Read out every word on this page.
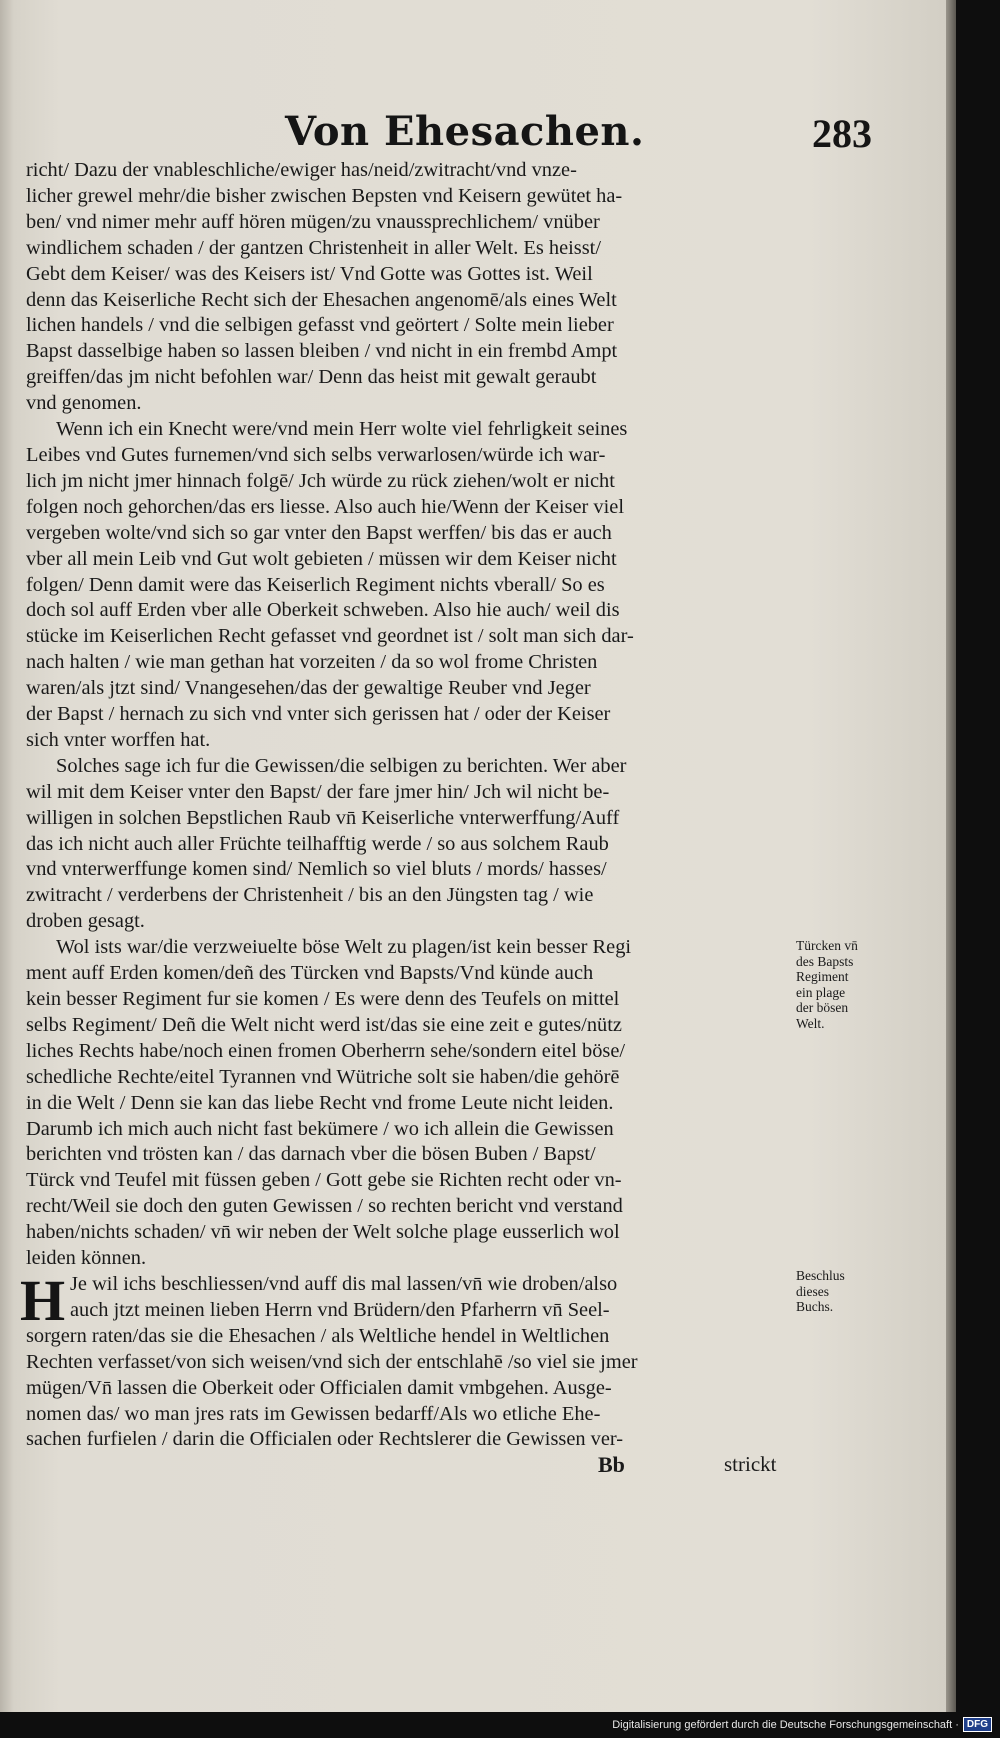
Von Ehesachen.	283
richt/ Dazu der vnableschliche/ewiger has/neid/zwitracht/vnd vnze-
licher grewel mehr/die bisher zwischen Bepsten vnd Keisern gewütet ha-
ben/ vnd nimer mehr auff hören mügen/zu vnaussprechlichem/ vnüber
windlichem schaden / der gantzen Christenheit in aller Welt. Es heisst/
Gebt dem Keiser/ was des Keisers ist/ Vnd Gotte was Gottes ist. Weil
denn das Keiserliche Recht sich der Ehesachen angenomē/als eines Welt
lichen handels / vnd die selbigen gefasst vnd geörtert / Solte mein lieber
Bapst dasselbige haben so lassen bleiben / vnd nicht in ein frembd Ampt
greiffen/das jm nicht befohlen war/ Denn das heist mit gewalt geraubt
vnd genomen.
Wenn ich ein Knecht were/vnd mein Herr wolte viel fehrligkeit seines
Leibes vnd Gutes furnemen/vnd sich selbs verwarlosen/würde ich war-
lich jm nicht jmer hinnach folgē/ Jch würde zu rück ziehen/wolt er nicht
folgen noch gehorchen/das ers liesse. Also auch hie/Wenn der Keiser viel
vergeben wolte/vnd sich so gar vnter den Bapst werffen/ bis das er auch
vber all mein Leib vnd Gut wolt gebieten / müssen wir dem Keiser nicht
folgen/ Denn damit were das Keiserlich Regiment nichts vberall/ So es
doch sol auff Erden vber alle Oberkeit schweben. Also hie auch/ weil dis
stücke im Keiserlichen Recht gefasset vnd geordnet ist / solt man sich dar-
nach halten / wie man gethan hat vorzeiten / da so wol frome Christen
waren/als jtzt sind/ Vnangesehen/das der gewaltige Reuber vnd Jeger
der Bapst / hernach zu sich vnd vnter sich gerissen hat / oder der Keiser
sich vnter worffen hat.
Solches sage ich fur die Gewissen/die selbigen zu berichten. Wer aber
wil mit dem Keiser vnter den Bapst/ der fare jmer hin/ Jch wil nicht be-
willigen in solchen Bepstlichen Raub vn̄ Keiserliche vnterwerffung/Auff
das ich nicht auch aller Früchte teilhafftig werde / so aus solchem Raub
vnd vnterwerffunge komen sind/ Nemlich so viel bluts / mords/ hasses/
zwitracht / verderbens der Christenheit / bis an den Jüngsten tag / wie
droben gesagt.
Wol ists war/die verzweiuelte böse Welt zu plagen/ist kein besser Regi
ment auff Erden komen/deñ des Türcken vnd Bapsts/Vnd künde auch
kein besser Regiment fur sie komen / Es were denn des Teufels on mittel
selbs Regiment/ Deñ die Welt nicht werd ist/das sie eine zeit e gutes/nütz
liches Rechts habe/noch einen fromen Oberherrn sehe/sondern eitel böse/
schedliche Rechte/eitel Tyrannen vnd Wütriche solt sie haben/die gehörē
in die Welt / Denn sie kan das liebe Recht vnd frome Leute nicht leiden.
Darumb ich mich auch nicht fast bekümere / wo ich allein die Gewissen
berichten vnd trösten kan / das darnach vber die bösen Buben / Bapst/
Türck vnd Teufel mit füssen geben / Gott gebe sie Richten recht oder vn-
recht/Weil sie doch den guten Gewissen / so rechten bericht vnd verstand
haben/nichts schaden/ vn̄ wir neben der Welt solche plage eusserlich wol
leiden können.
H Je wil ichs beschliessen/vnd auff dis mal lassen/vn̄ wie droben/also
auch jtzt meinen lieben Herrn vnd Brüdern/den Pfarherrn vn̄ Seel-
sorgern raten/das sie die Ehesachen / als Weltliche hendel in Weltlichen
Rechten verfasset/von sich weisen/vnd sich der entschlahē /so viel sie jmer
mügen/Vn̄ lassen die Oberkeit oder Officialen damit vmbgehen. Ausge-
nomen das/ wo man jres rats im Gewissen bedarff/Als wo etliche Ehe-
sachen furfielen / darin die Officialen oder Rechtslerer die Gewissen ver-
Türcken vn̄
des Bapsts
Regiment
ein plage
der bösen
Welt.
Beschlus
dieses
Buchs.
Bb	strickt
Digitalisierung gefördert durch die Deutsche Forschungsgemeinschaft · DFG
